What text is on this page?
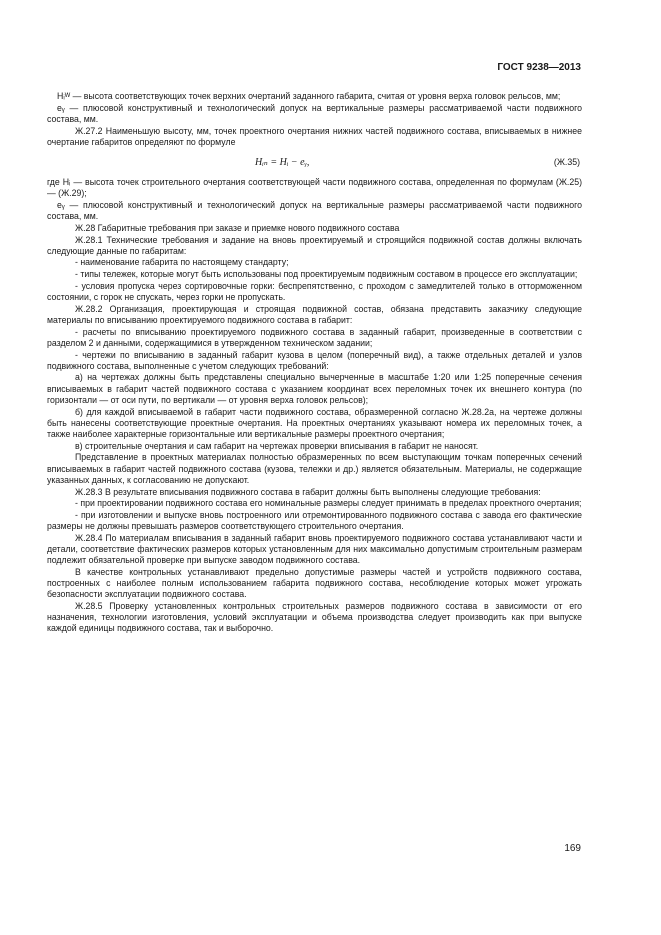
ГОСТ 9238—2013

Hᵢᵂ — высота соответствующих точек верхних очертаний заданного габарита, считая от уровня верха головок рельсов, мм;

eᵧ — плюсовой конструктивный и технологический допуск на вертикальные размеры рассматриваемой части подвижного состава, мм.

Ж.27.2 Наименьшую высоту, мм, точек проектного очертания нижних частей подвижного состава, вписываемых в нижнее очертание габаритов определяют по формуле

Hᵢₙ = Hᵢ − eᵧ,	(Ж.35)

где Hᵢ — высота точек строительного очертания соответствующей части подвижного состава, определенная по формулам (Ж.25) — (Ж.29);

eᵧ — плюсовой конструктивный и технологический допуск на вертикальные размеры рассматриваемой части подвижного состава, мм.

Ж.28 Габаритные требования при заказе и приемке нового подвижного состава

Ж.28.1 Технические требования и задание на вновь проектируемый и строящийся подвижной состав должны включать следующие данные по габаритам:

- наименование габарита по настоящему стандарту;

- типы тележек, которые могут быть использованы под проектируемым подвижным составом в процессе его эксплуатации;

- условия пропуска через сортировочные горки: беспрепятственно, с проходом с замедлителей только в отторможенном состоянии, с горок не спускать, через горки не пропускать.

Ж.28.2 Организация, проектирующая и строящая подвижной состав, обязана представить заказчику следующие материалы по вписыванию проектируемого подвижного состава в габарит:

- расчеты по вписыванию проектируемого подвижного состава в заданный габарит, произведенные в соответствии с разделом 2 и данными, содержащимися в утвержденном техническом задании;

- чертежи по вписыванию в заданный габарит кузова в целом (поперечный вид), а также отдельных деталей и узлов подвижного состава, выполненные с учетом следующих требований:

а) на чертежах должны быть представлены специально вычерченные в масштабе 1:20 или 1:25 поперечные сечения вписываемых в габарит частей подвижного состава с указанием координат всех переломных точек их внешнего контура (по горизонтали — от оси пути, по вертикали — от уровня верха головок рельсов);

б) для каждой вписываемой в габарит части подвижного состава, образмеренной согласно Ж.28.2а, на чертеже должны быть нанесены соответствующие проектные очертания. На проектных очертаниях указывают номера их переломных точек, а также наиболее характерные горизонтальные или вертикальные размеры проектного очертания;

в) строительные очертания и сам габарит на чертежах проверки вписывания в габарит не наносят.

Представление в проектных материалах полностью образмеренных по всем выступающим точкам поперечных сечений вписываемых в габарит частей подвижного состава (кузова, тележки и др.) является обязательным. Материалы, не содержащие указанных данных, к согласованию не допускают.

Ж.28.3 В результате вписывания подвижного состава в габарит должны быть выполнены следующие требования:

- при проектировании подвижного состава его номинальные размеры следует принимать в пределах проектного очертания;

- при изготовлении и выпуске вновь построенного или отремонтированного подвижного состава с завода его фактические размеры не должны превышать размеров соответствующего строительного очертания.

Ж.28.4 По материалам вписывания в заданный габарит вновь проектируемого подвижного состава устанавливают части и детали, соответствие фактических размеров которых установленным для них максимально допустимым строительным размерам подлежит обязательной проверке при выпуске заводом подвижного состава.

В качестве контрольных устанавливают предельно допустимые размеры частей и устройств подвижного состава, построенных с наиболее полным использованием габарита подвижного состава, несоблюдение которых может угрожать безопасности эксплуатации подвижного состава.

Ж.28.5 Проверку установленных контрольных строительных размеров подвижного состава в зависимости от его назначения, технологии изготовления, условий эксплуатации и объема производства следует производить как при выпуске каждой единицы подвижного состава, так и выборочно.

169
